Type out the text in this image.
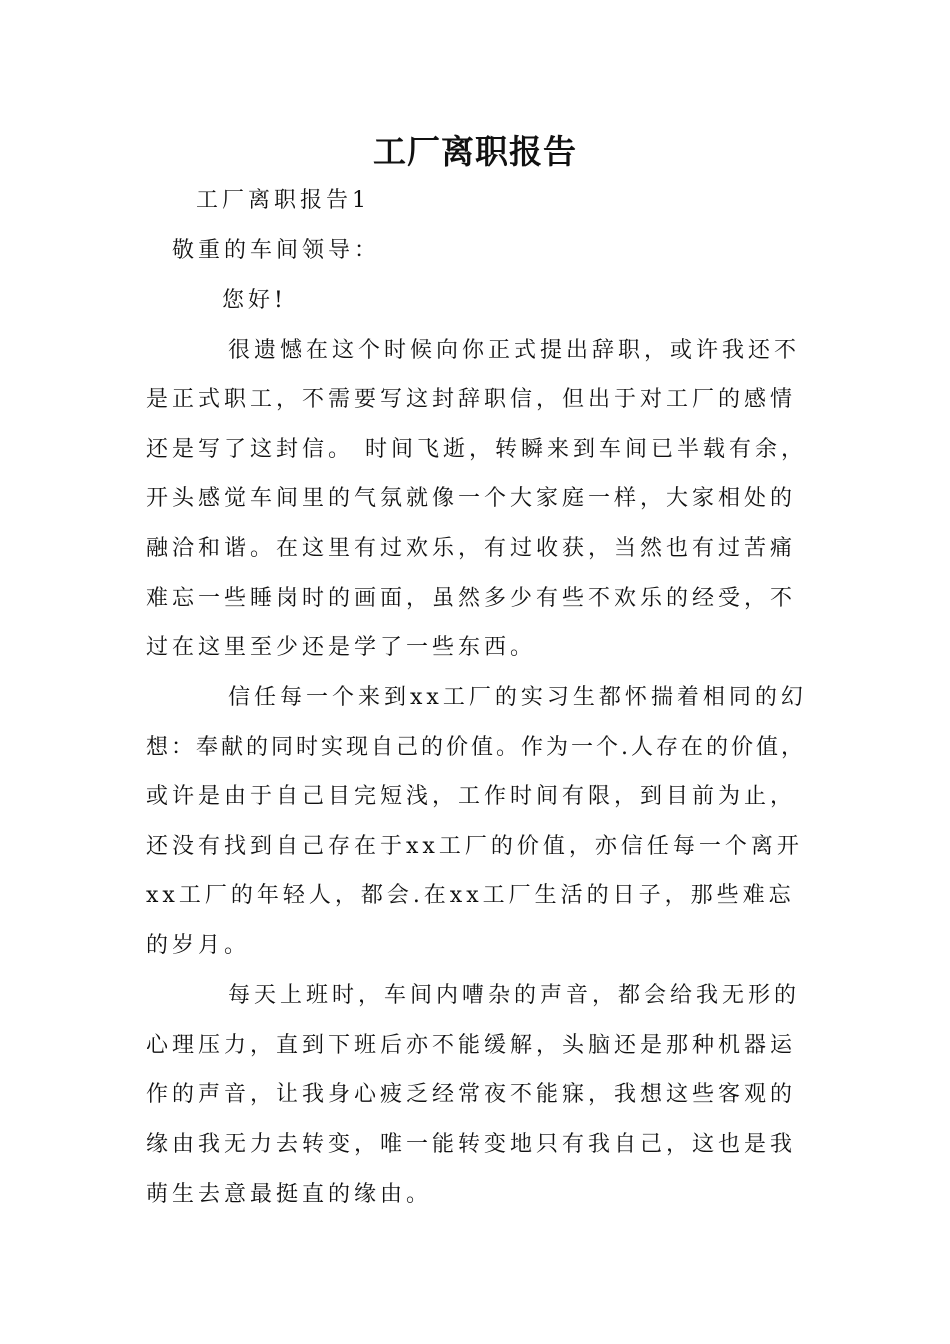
工厂离职报告
工厂离职报告1
敬重的车间领导：
您好!
很遗憾在这个时候向你正式提出辞职，或许我还不
是正式职工，不需要写这封辞职信，但出于对工厂的感情
还是写了这封信。 时间飞逝，转瞬来到车间已半载有余，
开头感觉车间里的气氛就像一个大家庭一样，大家相处的
融洽和谐。在这里有过欢乐，有过收获，当然也有过苦痛
难忘一些睡岗时的画面，虽然多少有些不欢乐的经受，不
过在这里至少还是学了一些东西。
信任每一个来到xx工厂的实习生都怀揣着相同的幻
想：奉献的同时实现自己的价值。作为一个.人存在的价值，
或许是由于自己目完短浅，工作时间有限，到目前为止，
还没有找到自己存在于xx工厂的价值，亦信任每一个离开
xx工厂的年轻人，都会.在xx工厂生活的日子，那些难忘
的岁月。
每天上班时，车间内嘈杂的声音，都会给我无形的
心理压力，直到下班后亦不能缓解，头脑还是那种机器运
作的声音，让我身心疲乏经常夜不能寐，我想这些客观的
缘由我无力去转变，唯一能转变地只有我自己，这也是我
萌生去意最挺直的缘由。
